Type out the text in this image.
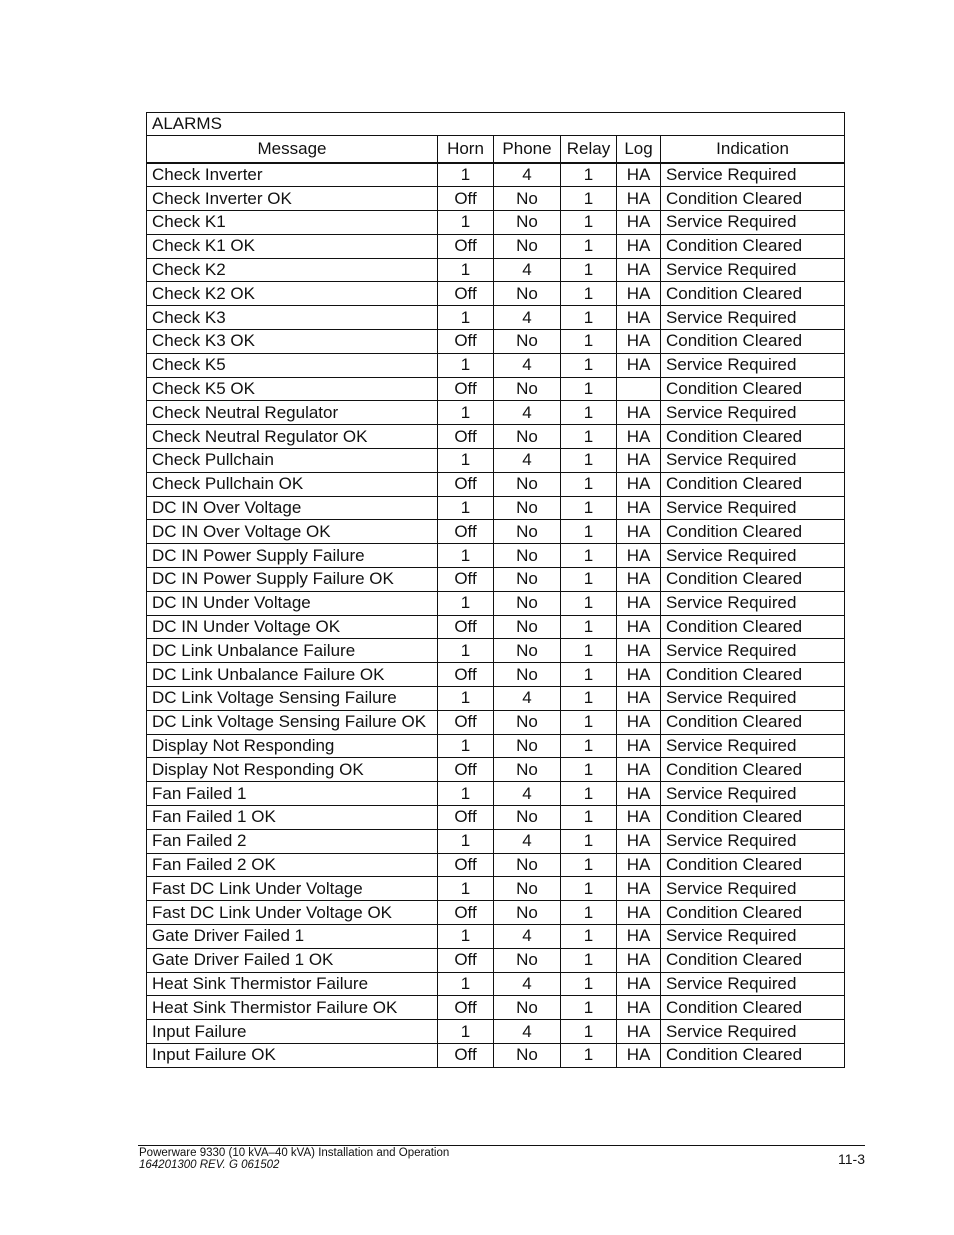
ALARMS					
Message	Horn	Phone	Relay	Log	Indication
Check Inverter	1	4	1	HA	Service Required
Check Inverter OK	Off	No	1	HA	Condition Cleared
Check K1	1	No	1	HA	Service Required
Check K1 OK	Off	No	1	HA	Condition Cleared
Check K2	1	4	1	HA	Service Required
Check K2 OK	Off	No	1	HA	Condition Cleared
Check K3	1	4	1	HA	Service Required
Check K3 OK	Off	No	1	HA	Condition Cleared
Check K5	1	4	1	HA	Service Required
Check K5 OK	Off	No	1		Condition Cleared
Check Neutral Regulator	1	4	1	HA	Service Required
Check Neutral Regulator OK	Off	No	1	HA	Condition Cleared
Check Pullchain	1	4	1	HA	Service Required
Check Pullchain OK	Off	No	1	HA	Condition Cleared
DC IN Over Voltage	1	No	1	HA	Service Required
DC IN Over Voltage OK	Off	No	1	HA	Condition Cleared
DC IN Power Supply Failure	1	No	1	HA	Service Required
DC IN Power Supply Failure OK	Off	No	1	HA	Condition Cleared
DC IN Under Voltage	1	No	1	HA	Service Required
DC IN Under Voltage OK	Off	No	1	HA	Condition Cleared
DC Link Unbalance Failure	1	No	1	HA	Service Required
DC Link Unbalance Failure OK	Off	No	1	HA	Condition Cleared
DC Link Voltage Sensing Failure	1	4	1	HA	Service Required
DC Link Voltage Sensing Failure OK	Off	No	1	HA	Condition Cleared
Display Not Responding	1	No	1	HA	Service Required
Display Not Responding OK	Off	No	1	HA	Condition Cleared
Fan Failed 1	1	4	1	HA	Service Required
Fan Failed 1 OK	Off	No	1	HA	Condition Cleared
Fan Failed 2	1	4	1	HA	Service Required
Fan Failed 2 OK	Off	No	1	HA	Condition Cleared
Fast DC Link Under Voltage	1	No	1	HA	Service Required
Fast DC Link Under Voltage OK	Off	No	1	HA	Condition Cleared
Gate Driver Failed 1	1	4	1	HA	Service Required
Gate Driver Failed 1 OK	Off	No	1	HA	Condition Cleared
Heat Sink Thermistor Failure	1	4	1	HA	Service Required
Heat Sink Thermistor Failure OK	Off	No	1	HA	Condition Cleared
Input Failure	1	4	1	HA	Service Required
Input Failure OK	Off	No	1	HA	Condition Cleared
Powerware 9330 (10 kVA–40 kVA) Installation and Operation
164201300 REV. G 061502	11-3
